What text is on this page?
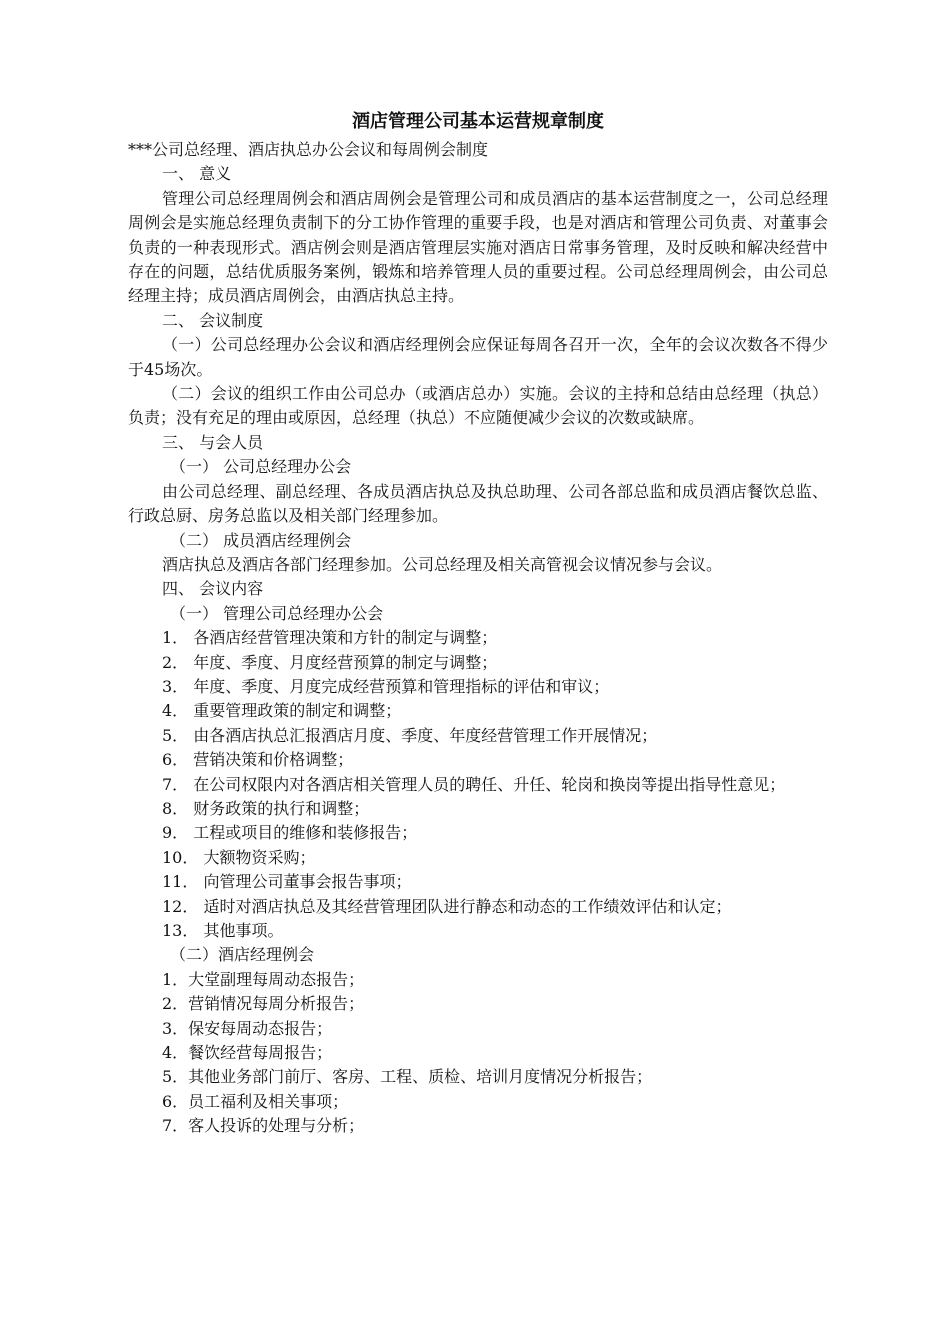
酒店管理公司基本运营规章制度

***公司总经理、酒店执总办公会议和每周例会制度

一、 意义

管理公司总经理周例会和酒店周例会是管理公司和成员酒店的基本运营制度之一，公司总经理周例会是实施总经理负责制下的分工协作管理的重要手段，也是对酒店和管理公司负责、对董事会负责的一种表现形式。酒店例会则是酒店管理层实施对酒店日常事务管理，及时反映和解决经营中存在的问题，总结优质服务案例，锻炼和培养管理人员的重要过程。公司总经理周例会，由公司总经理主持；成员酒店周例会，由酒店执总主持。

二、 会议制度

（一）公司总经理办公会议和酒店经理例会应保证每周各召开一次，全年的会议次数各不得少于45场次。

（二）会议的组织工作由公司总办（或酒店总办）实施。会议的主持和总结由总经理（执总）负责；没有充足的理由或原因，总经理（执总）不应随便减少会议的次数或缺席。

三、 与会人员

（一） 公司总经理办公会

由公司总经理、副总经理、各成员酒店执总及执总助理、公司各部总监和成员酒店餐饮总监、行政总厨、房务总监以及相关部门经理参加。

（二） 成员酒店经理例会

酒店执总及酒店各部门经理参加。公司总经理及相关高管视会议情况参与会议。

四、 会议内容

（一） 管理公司总经理办公会

1． 各酒店经营管理决策和方针的制定与调整；

2． 年度、季度、月度经营预算的制定与调整；

3． 年度、季度、月度完成经营预算和管理指标的评估和审议；

4． 重要管理政策的制定和调整；

5． 由各酒店执总汇报酒店月度、季度、年度经营管理工作开展情况；

6． 营销决策和价格调整；

7． 在公司权限内对各酒店相关管理人员的聘任、升任、轮岗和换岗等提出指导性意见；

8． 财务政策的执行和调整；

9． 工程或项目的维修和装修报告；

10． 大额物资采购；

11． 向管理公司董事会报告事项；

12． 适时对酒店执总及其经营管理团队进行静态和动态的工作绩效评估和认定；

13． 其他事项。

（二）酒店经理例会

1．大堂副理每周动态报告；

2．营销情况每周分析报告；

3．保安每周动态报告；

4．餐饮经营每周报告；

5．其他业务部门前厅、客房、工程、质检、培训月度情况分析报告；

6．员工福利及相关事项；

7．客人投诉的处理与分析；
